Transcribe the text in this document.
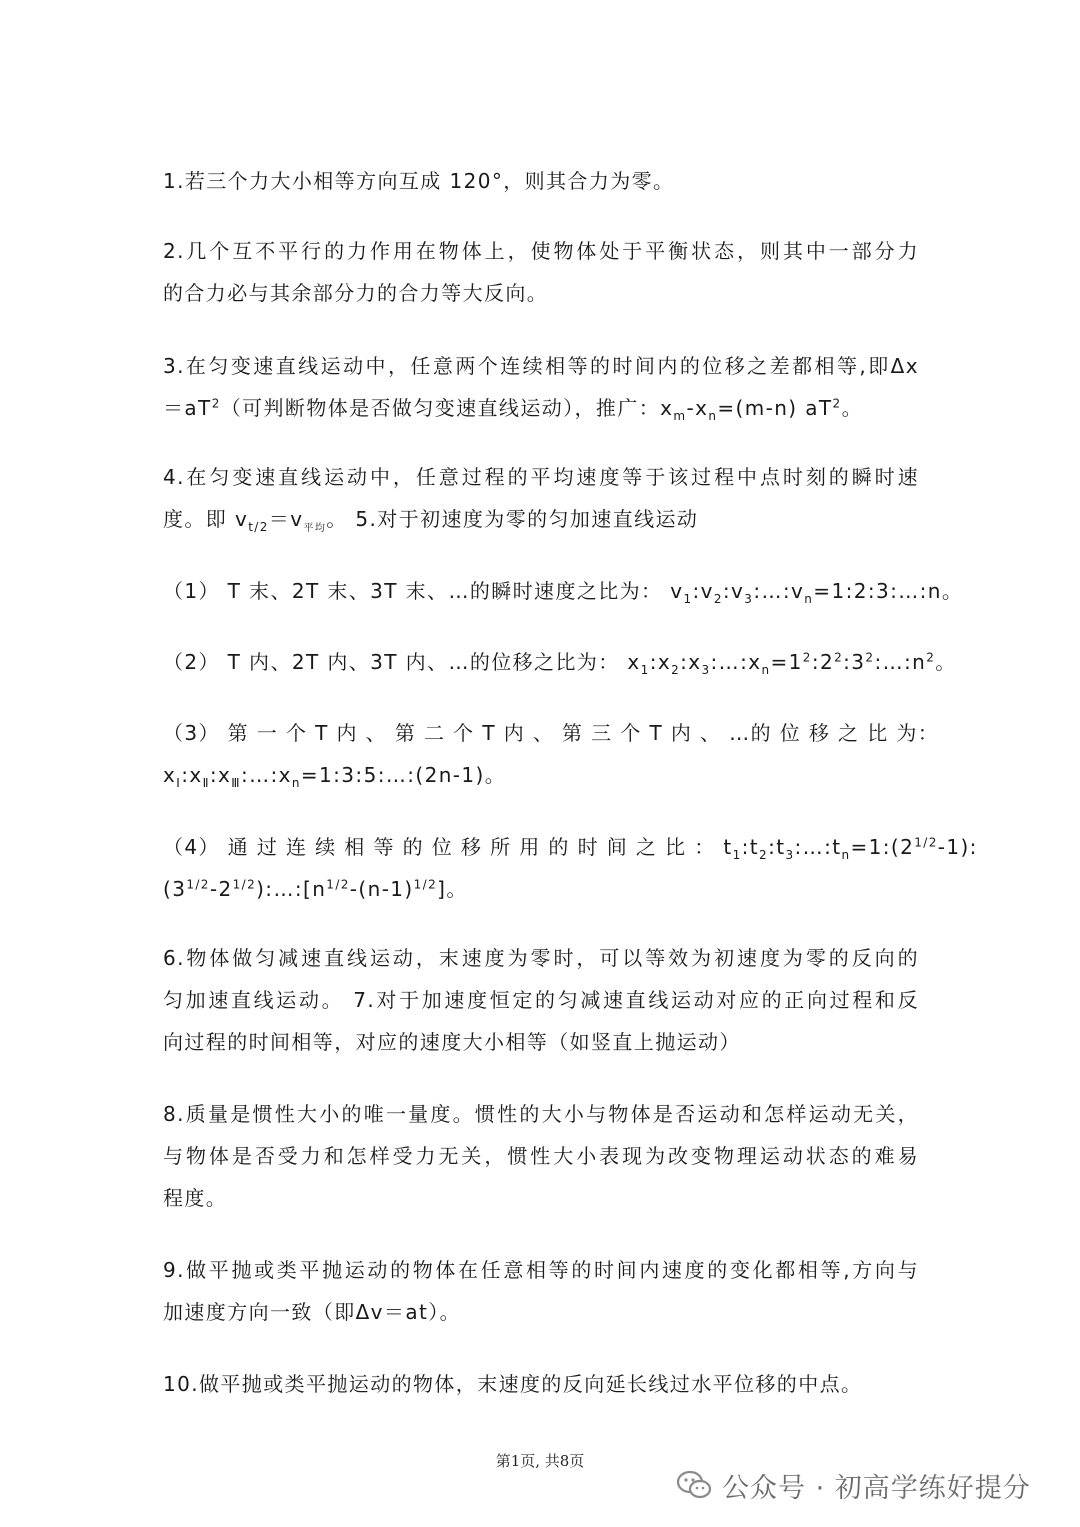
1.若三个力大小相等方向互成 120°，则其合力为零。

2.几个互不平行的力作用在物体上，使物体处于平衡状态，则其中一部分力
的合力必与其余部分力的合力等大反向。

3.在匀变速直线运动中，任意两个连续相等的时间内的位移之差都相等,即Δx
$=aT^2$（可判断物体是否做匀变速直线运动），推广：$x_m-x_n=(m-n)$ $aT^2$。

4.在匀变速直线运动中，任意过程的平均速度等于该过程中点时刻的瞬时速
度。即 $v_{t/2}=v_{平均}$。 5.对于初速度为零的匀加速直线运动

（1） T 末、2T 末、3T 末、…的瞬时速度之比为： $v_1:v_2:v_3:\dots:v_n=1:2:3:\dots:n$。

（2） T 内、2T 内、3T 内、…的位移之比为： $x_1:x_2:x_3:\dots:x_n=1^2:2^2:3^2:\dots:n^2$。

（3） 第 一 个 T 内 、 第 二 个 T 内 、 第 三 个 T 内 、 …的 位 移 之 比 为：
$x_Ⅰ:x_Ⅱ:x_Ⅲ:\dots:x_n=1:3:5:\dots:(2n-1)$。

（4） 通 过 连 续 相 等 的 位 移 所 用 的 时 间 之 比 ： $t_1:t_2:t_3:\dots:t_n=1:(2^{1/2}-1)$:
$(3^{1/2}-2^{1/2}):\dots:[n^{1/2}-(n-1)^{1/2}]$。

6.物体做匀减速直线运动，末速度为零时，可以等效为初速度为零的反向的
匀加速直线运动。 7.对于加速度恒定的匀减速直线运动对应的正向过程和反
向过程的时间相等，对应的速度大小相等（如竖直上抛运动）

8.质量是惯性大小的唯一量度。惯性的大小与物体是否运动和怎样运动无关，
与物体是否受力和怎样受力无关，惯性大小表现为改变物理运动状态的难易
程度。

9.做平抛或类平抛运动的物体在任意相等的时间内速度的变化都相等,方向与
加速度方向一致（即Δv＝at）。

10.做平抛或类平抛运动的物体，末速度的反向延长线过水平位移的中点。

第1页, 共8页
公众号 · 初高学练好提分
